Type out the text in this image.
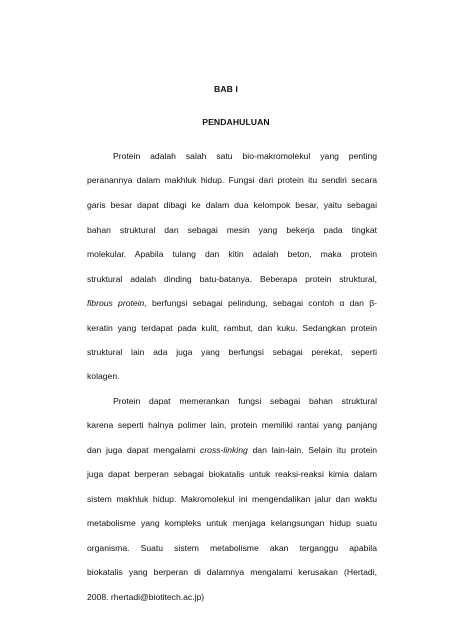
BAB I
PENDAHULUAN
Protein adalah salah satu bio-makromolekul yang penting
peranannya dalam makhluk hidup. Fungsi dari protein itu sendiri secara
garis besar dapat dibagi ke dalam dua kelompok besar, yaitu sebagai
bahan struktural dan sebagai mesin yang bekerja pada tingkat
molekular. Apabila tulang dan kitin adalah beton, maka protein
struktural adalah dinding batu-batanya. Beberapa protein struktural,
fibrous protein, berfungsi sebagai pelindung, sebagai contoh α dan β-
keratin yang terdapat pada kulit, rambut, dan kuku. Sedangkan protein
struktural lain ada juga yang berfungsi sebagai perekat, seperti
kolagen.
Protein dapat memerankan fungsi sebagai bahan struktural
karena seperti halnya polimer lain, protein memiliki rantai yang panjang
dan juga dapat mengalami cross-linking dan lain-lain. Selain itu protein
juga dapat berperan sebagai biokatalis untuk reaksi-reaksi kimia dalam
sistem makhluk hidup. Makromolekul ini mengendalikan jalur dan waktu
metabolisme yang kompleks untuk menjaga kelangsungan hidup suatu
organisma. Suatu sistem metabolisme akan terganggu apabila
biokatalis yang berperan di dalamnya mengalami kerusakan (Hertadi,
2008. rhertadi@biotitech.ac.jp)
